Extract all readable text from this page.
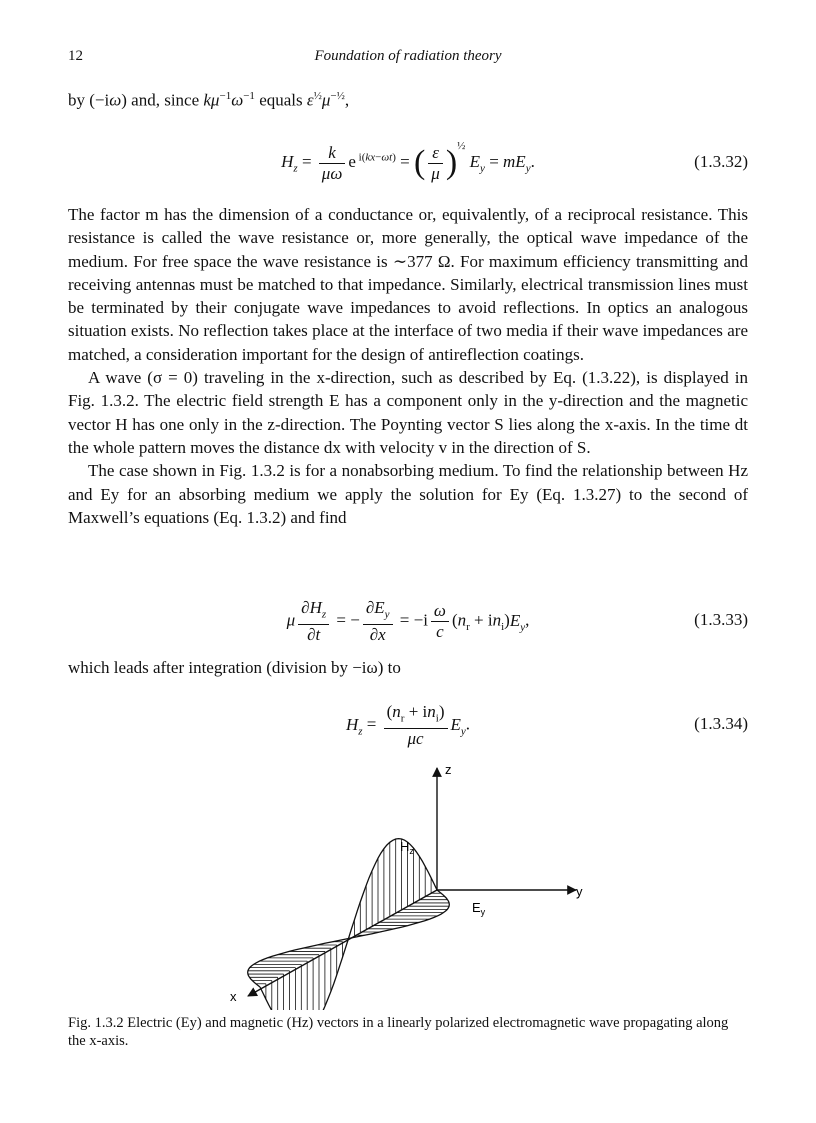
12	Foundation of radiation theory
by (−iω) and, since $k\mu^{-1}\omega^{-1}$ equals $\varepsilon^{\frac{1}{2}}\mu^{-\frac{1}{2}}$,
$H_z = \frac{k}{\mu\omega}$ e $^{i(kx-\omega t)}$ = ( $\frac{\varepsilon}{\mu} )^{\frac{1}{2}}$ $E_y = mE_y$.	(1.3.32)

The factor m has the dimension of a conductance or, equivalently, of a reciprocal resistance. This resistance is called the wave resistance or, more generally, the optical wave impedance of the medium. For free space the wave resistance is ∼377 Ω. For maximum efficiency transmitting and receiving antennas must be matched to that impedance. Similarly, electrical transmission lines must be terminated by their conjugate wave impedances to avoid reflections. In optics an analogous situation exists. No reflection takes place at the interface of two media if their wave impedances are matched, a consideration important for the design of antireflection coatings.

A wave (σ = 0) traveling in the x-direction, such as described by Eq. (1.3.22), is displayed in Fig. 1.3.2. The electric field strength E has a component only in the y-direction and the magnetic vector H has one only in the z-direction. The Poynting vector S lies along the x-axis. In the time dt the whole pattern moves the distance dx with velocity v in the direction of S.

The case shown in Fig. 1.3.2 is for a nonabsorbing medium. To find the relationship between Hz and Ey for an absorbing medium we apply the solution for Ey (Eq. 1.3.27) to the second of Maxwell’s equations (Eq. 1.3.2) and find

μ $\frac{\partial H_z}{\partial t}$ = − $\frac{\partial E_y}{\partial x} = -i \frac{\omega}{c} (n_r + in_i)E_y$,	(1.3.33)
which leads after integration (division by −iω) to
$H_z = \frac{(n_r + in_i)}{\mu c} E_y$.	(1.3.34)
z
y
x
$H_z$
$E_y$
Fig. 1.3.2 Electric (Ey) and magnetic (Hz) vectors in a linearly polarized electromagnetic wave propagating along the x-axis.
